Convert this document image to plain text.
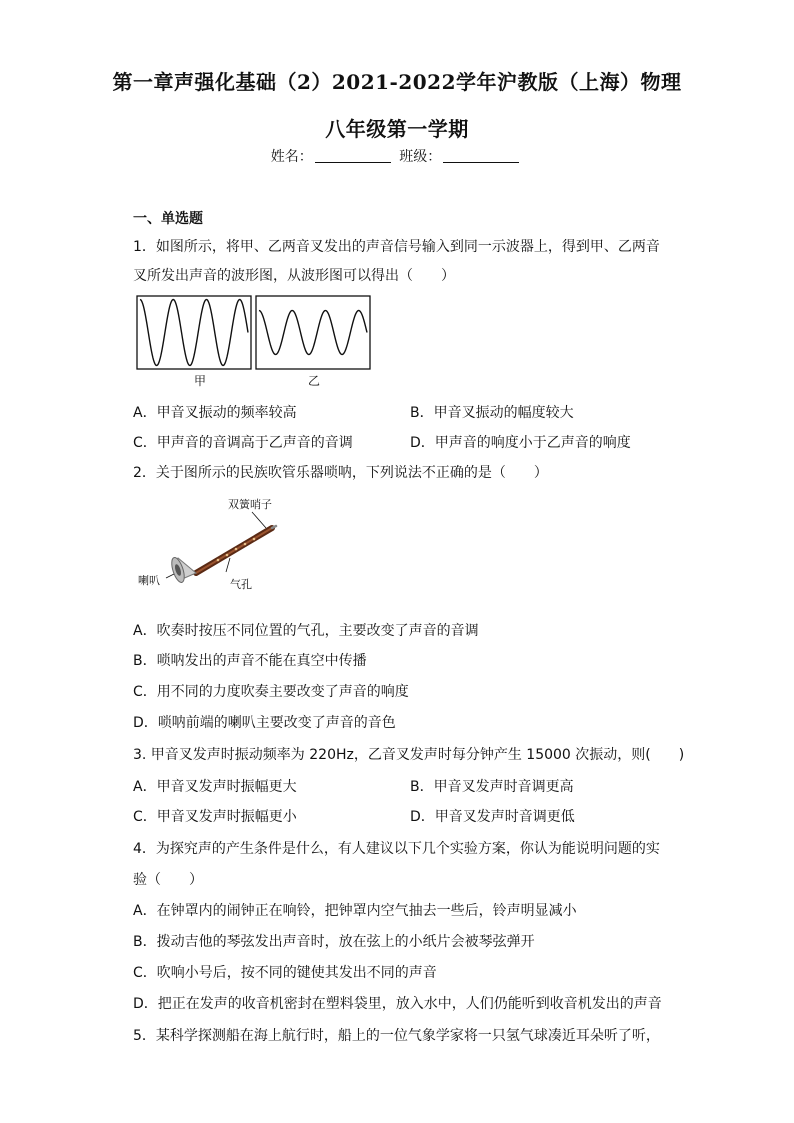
第一章声强化基础（2）2021-2022学年沪教版（上海）物理
八年级第一学期
姓名：	班级：
一、单选题
1．如图所示，将甲、乙两音叉发出的声音信号输入到同一示波器上，得到甲、乙两音
叉所发出声音的波形图，从波形图可以得出（　　）
甲	乙
A．甲音叉振动的频率较高	B．甲音叉振动的幅度较大
C．甲声音的音调高于乙声音的音调	D．甲声音的响度小于乙声音的响度
2．关于图所示的民族吹管乐器唢呐，下列说法不正确的是（　　）
双簧哨子
喇叭	气孔
A．吹奏时按压不同位置的气孔，主要改变了声音的音调
B．唢呐发出的声音不能在真空中传播
C．用不同的力度吹奏主要改变了声音的响度
D．唢呐前端的喇叭主要改变了声音的音色
3. 甲音叉发声时振动频率为 220Hz，乙音叉发声时每分钟产生 15000 次振动，则(　　)
A．甲音叉发声时振幅更大	B．甲音叉发声时音调更高
C．甲音叉发声时振幅更小	D．甲音叉发声时音调更低
4．为探究声的产生条件是什么，有人建议以下几个实验方案，你认为能说明问题的实
验（　　）
A．在钟罩内的闹钟正在响铃，把钟罩内空气抽去一些后，铃声明显减小
B．拨动吉他的琴弦发出声音时，放在弦上的小纸片会被琴弦弹开
C．吹响小号后，按不同的键使其发出不同的声音
D．把正在发声的收音机密封在塑料袋里，放入水中，人们仍能听到收音机发出的声音
5．某科学探测船在海上航行时，船上的一位气象学家将一只氢气球凑近耳朵听了听，
